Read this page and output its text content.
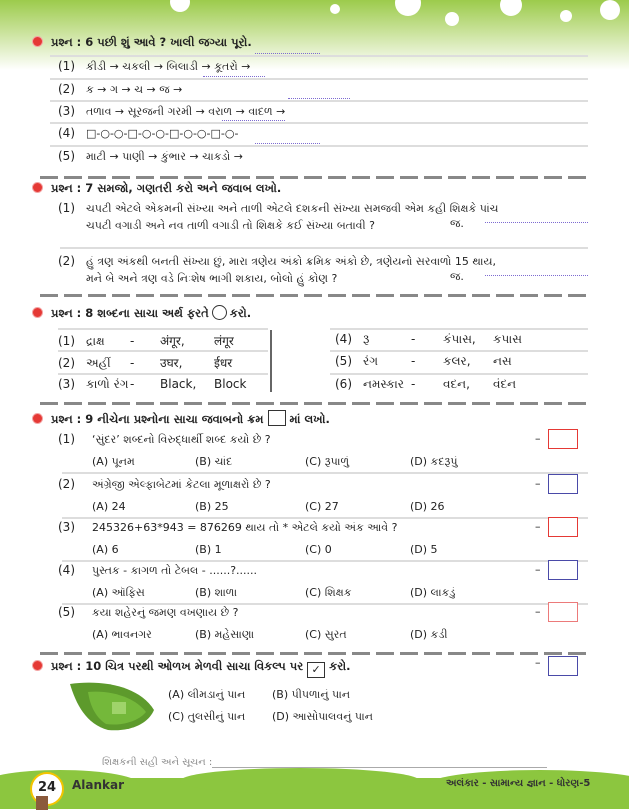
પ્રશ્ન : 6 પછી શું આવે ? ખાલી જગ્યા પૂરો.
(1) કીડી → ચકલી → બિલાડી → કૂતરો →
(2) ક → ગ → ચ → જ →
(3) તળાવ → સૂરજની ગરમી → વરાળ → વાદળ →
(4) □-○-○-□-○-○-□-○-○-□-○-
(5) માટી → પાણી → કુંભાર → ચાકડો →
પ્રશ્ન : 7 સમજો, ગણતરી કરો અને જવાબ લખો.
(1) ચપટી એટલે એકમની સંખ્યા અને તાળી એટલે દશકની સંખ્યા સમજવી એમ કહી શિક્ષકે પાંચ
ચપટી વગાડી અને નવ તાળી વગાડી તો શિક્ષકે કઈ સંખ્યા બતાવી ?	જ.
(2) હું ત્રણ અંકથી બનતી સંખ્યા છું, મારા ત્રણેય અંકો ક્રમિક અંકો છે, ત્રણેયનો સરવાળો 15 થાય,
મને બે અને ત્રણ વડે નિઃશેષ ભાગી શકાય, બોલો હું કોણ ?	જ.
(1) દ્રાક્ષ - अंगूर, लंगूर	(4) રૂ	- કંપાસ, કપાસ
(2) અહીં - उघर,	ईधर	(5) રંગ	- કલર, નસ
(3) કાળો રંગ- Black, Block	(6) નમસ્કાર - વદન, વંદન
(1) ‘સુંદર’ શબ્દનો વિરુદ્ધાર્થી શબ્દ કયો છે ?
(A) પૂનમ	(B) ચાંદ	(C) રૂપાળું	(D) કદરૂપું
–
(2) અંગ્રેજી એલ્ફાબેટમાં કેટલા મૂળાક્ષરો છે ?
(A) 24	(B) 25	(C) 27	(D) 26
–
(3) 245326+63*943 = 876269 થાય તો * એટલે કયો અંક આવે ?
(A) 6	(B) 1	(C) 0	(D) 5
–
(4) પુસ્તક - કાગળ તો ટેબલ - ......?......
(A) ઑફિસ	(B) શાળા	(C) શિક્ષક	(D) લાકડું
–
(5) કયા શહેરનું જમણ વખણાય છે ?
(A) ભાવનગર	(B) મહેસાણા	(C) સુરત	(D) કડી
–
પ્રશ્ન : 8 શબ્દના સાચા અર્થ ફરતે કરો.
પ્રશ્ન : 9 નીચેના પ્રશ્નોના સાચા જવાબનો ક્રમ માં લખો.
પ્રશ્ન : 10 ચિત્ર પરથી ઓળખ મેળવી સાચા વિકલ્પ પર ✓ કરો.	–
(A) લીમડાનું પાન (B) પીપળાનું પાન
(C) તુલસીનું પાન (D) આસોપાલવનું પાન
શિક્ષકની સહી અને સૂચન :
24	Alankar	અલંકાર - સામાન્ય જ્ઞાન - ધોરણ-5
